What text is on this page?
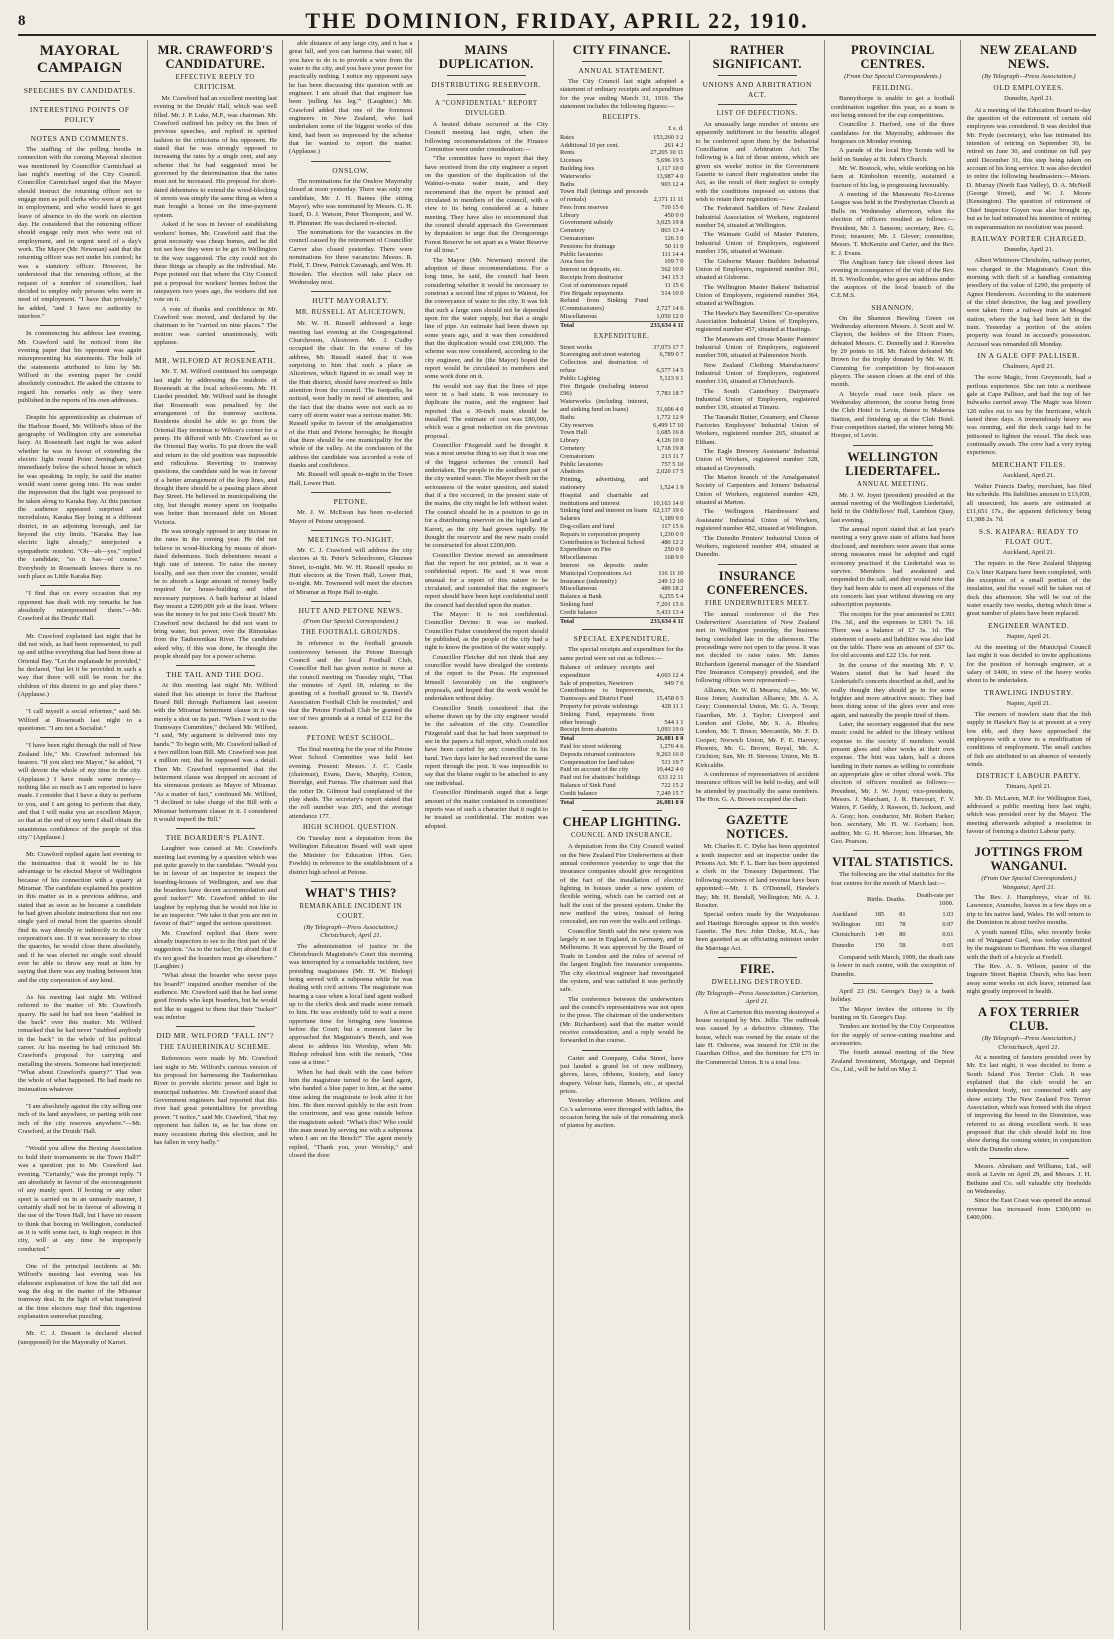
8	THE DOMINION, FRIDAY, APRIL 22, 1910.
MAYORAL CAMPAIGN
SPEECHES BY CANDIDATES.
INTERESTING POINTS OF POLICY
NOTES AND COMMENTS.

The staffing of the polling booths in connection with the coming Mayoral election was mentioned by Councillor Carmichael at last night's meeting of the City Council. Councillor Carmichael urged that the Mayor should instruct the returning officer not to engage men as poll clerks who were at present in employment, and who would have to get leave of absence to do the work on election day. He considered that the returning officer should engage only men who were out of employment, and in urgent need of a day's work. The Mayor (Mr. Newman) said that the returning officer was not under his control; he was a statutory officer. However, he understood that the returning officer, at the request of a number of councillors, had decided to employ only persons who were in need of employment. "I have that privately," he added, "and I have no authority to interfere."

In commencing his address last evening, Mr. Crawford said he noticed from the evening paper that his opponent was again misrepresenting his statements. The bulk of the statements attributed to him by Mr. Wilford in the evening paper he could absolutely contradict. He asked the citizens to regard his remarks only as they were published in the reports of his own addresses.

Despite his apprenticeship as chairman of the Harbour Board, Mr. Wilford's ideas of the geography of Wellington city are somewhat hazy. At Roseneath last night he was asked whether he was in favour of extending the electric light round Point Jerningham, just immediately below the school house in which he was speaking. In reply, he said the matter would want some going into. He was under the impression that the light was proposed to be taken along to Karaka Bay. At this juncture the audience appeared surprised and incredulous, Karaka Bay being in a different district, in an adjoining borough, and far beyond the city limits. "Karaka Bay has electric light already," interjected a sympathetic resident. "Oh—ah—yes," replied the candidate, "so it has—of course." Everybody in Roseneath knows there is no such place as Little Karaka Bay.

"I find that on every occasion that my opponent has dealt with my remarks he has absolutely misrepresented them."—Mr. Crawford at the Druids' Hall.

Mr. Crawford explained last night that he did not wish, as had been represented, to pull up and utilise everything that had been done at Oriental Bay. "Let the esplanade be provided," he declared, "but let it be provided in such a way that there will still be room for the children of this district to go and play there." (Applause.)

"I call myself a social reformer," said Mr. Wilford at Roseneath last night to a questioner. "I am not a Socialist."

"I have been right through the mill of New Zealand life," Mr. Crawford informed his hearers. "If you elect me Mayor," he added, "I will devote the whole of my time to the city. (Applause.) I have made some money—nothing like so much as I am reported to have made. I consider that I have a duty to perform to you, and I am going to perform that duty, and that I will make you an excellent Mayor, so that at the end of my term I shall obtain the unanimous confidence of the people of this city." (Applause.)

Mr. Crawford replied again last evening to the insinuation that it would be to his advantage to be elected Mayor of Wellington because of his connection with a quarry at Miramar. The candidate explained his position in this matter as in a previous address, and stated that as soon as he became a candidate he had given absolute instructions that not one single yard of metal from the quarries should find its way directly or indirectly to the city corporation's use. If it was necessary to close the quarries, he would close them absolutely, and if he was elected no single soul should ever be able to throw any mud at him by saying that there was any trading between him and the city corporation of any kind.

As his meeting last night Mr. Wilford referred to the matter of Mr. Crawford's quarry. He said he had not been "stabbed in the back" over this matter. Mr. Wilford remarked that he had never "stabbed anybody in the back" in the whole of his political career. At his meeting he had criticised Mr. Crawford's proposal for carrying and metalling the streets. Someone had interjected: "What about Crawford's quarry?" That was the whole of what happened. He had made no insinuation whatever.

"I am absolutely against the city selling one inch of its land anywhere, or parting with one inch of the city reserves anywhere."—Mr. Crawford, at the Druids' Hall.

"Would you allow the Boxing Association to hold their tournaments in the Town Hall?" was a question put to Mr. Crawford last evening. "Certainly," was the prompt reply. "I am absolutely in favour of the encouragement of any manly sport. If boxing or any other sport is carried on in an unmanly manner, I certainly shall not be in favour of allowing it the use of the Town Hall, but I have no reason to think that boxing in Wellington, conducted as it is with some tact, is high respect in this city, will at any time be improperly conducted."

One of the principal incidents at Mr. Wilford's meeting last evening was his elaborate explanation of how the tail did not wag the dog in the matter of the Miramar tramway deal. In the light of what transpired at the time electors may find this ingenious explanation somewhat puzzling.

Mr. C. J. Dossett is declared elected (unopposed) for the Mayoralty of Karori.

MR. CRAWFORD'S CANDIDATURE.
EFFECTIVE REPLY TO CRITICISM.

Mr. Crawford had an excellent meeting last evening in the Druids' Hall, which was well filled. Mr. J. P. Luke, M.P., was chairman. Mr. Crawford outlined his policy on the lines of previous speeches, and replied in spirited fashion to the criticisms of his opponent. He stated that he was strongly opposed to increasing the rates by a single cent, and any scheme that he had suggested must be governed by the determination that the rates must not be increased. His proposal for short-dated debentures to extend the wood-blocking of streets was simply the same thing as when a man bought a house on the time-payment system.

Asked if he was in favour of establishing workers' homes, Mr. Crawford said that the great necessity was cheap homes, and he did not see how they were to be got in Wellington in the way suggested. The city could not do these things as cheaply as the individual. Mr. Pope pointed out that where the City Council put a proposal for workers' homes before the ratepayers two years ago, the workers did not vote on it.

A vote of thanks and confidence in Mr. Crawford was moved, and declared by the chairman to be "carried on nine places." The motion was carried unanimously, with applause.

MR. WILFORD AT ROSENEATH.

Mr. T. M. Wilford continued his campaign last night by addressing the residents of Roseneath at the local school-room. Mr. H. Liardet presided. Mr. Wilford said he thought that Roseneath was penalised by the arrangement of the tramway sections. Residents should be able to go from the Oriental Bay terminus to Wilson's corner for a penny. He differed with Mr. Crawford as to the Oriental Bay works. To put down the wall and return to the old position was impossible and ridiculous. Reverting to tramway questions, the candidate said he was in favour of a better arrangement of the loop lines, and thought there should be a passing place about Bay Street. He believed in municipalising the city, but thought money spent on footpaths was better than increased debt on Mount Victoria.

He was strongly opposed to any increase in the rates in the coming year. He did not believe in wood-blocking by means of short-dated debentures. Such debentures meant a high rate of interest. To raise the money locally, and see then over the counter, would be to absorb a large amount of money badly required for house-building and other necessary purposes. A bath harbour at Island Bay meant a £200,000 job at the least. Where was the money to be put into Cook Strait? Mr. Crawford now declared he did not want to bring water, but power, over the Rimutakas from the Tauherenikau River. The candidate asked why, if this was done, he thought the people should pay for a power scheme.

THE TAIL AND THE DOG.

At this meeting last night Mr. Wilford stated that his attempt to force the Harbour Board Bill through Parliament last session with the Miramar betterment clause in it was merely a shot on its part. "When I went to the Tramways Committee," declared Mr. Wilford, "I said, 'My argument is delivered into my hands.'" To begin with, Mr. Crawford talked of a two million loan Bill. Mr. Crawford was just a million out; that he supposed was a detail. Then Mr. Crawford represented that the betterment clause was dropped on account of his strenuous protests as Mayor of Miramar. "As a matter of fact," continued Mr. Wilford, "I declined to take charge of the Bill with a Miramar betterment clause in it. I considered it would imperil the Bill."

THE BOARDER'S PLAINT.

Laughter was caused at Mr. Crawford's meeting last evening by a question which was put quite gravely to the candidate. "Would you be in favour of an inspector to inspect the boarding-houses of Wellington, and see that the boarders have decent accommodation and good tucker?" Mr. Crawford added to the laughter by replying that he would not like to be an inspector. "We take it that you are not in favour of that?" urged the serious questioner.

Mr. Crawford replied that there were already inspectors to see to the first part of the suggestion. "As to the tucker, I'm afraid that if it's not good the boarders must go elsewhere." (Laughter.)

"What about the boarder who never pays his board?" inquired another member of the audience. Mr. Crawford said that he had some good friends who kept boarders, but he would not like to suggest to them that their "tucker" was inferior.

DID MR. WILFORD "FALL IN"?
THE TAUHERINIKAU SCHEME.

References were made by Mr. Crawford last night to Mr. Wilford's curious version of his proposal for harnessing the Tauherinikau River to provide electric power and light to municipal industries. Mr. Crawford stated that Government engineers had reported that this river had great potentialities for providing power. "I notice," said Mr. Crawford, "that my opponent has fallen in, as he has done on many occasions during this election, and he has fallen in very badly."

able distance of any large city, and it has a great fall, and you can harness that water, till you have to do is to provide a wire from the water to the city, and you have your power for practically nothing. I notice my opponent says he has been discussing this question with an engineer. I am afraid that that engineer has been 'pulling his leg.'" (Laughter.) Mr. Crawford added that one of the foremost engineers in New Zealand, who had undertaken some of the biggest works of this kind, had been so impressed by the scheme that he wanted to report the matter. (Applause.)

ONSLOW.

The nominations for the Onslow Mayoralty closed at noon yesterday. There was only one candidate, Mr. J. H. Baines (the sitting Mayor), who was nominated by Messrs. G. H. Izard, D. J. Watson, Peter Thompson, and W. H. Phimmer. He was declared re-elected.

The nominations for the vacancies in the council caused by the retirement of Councillor Carver also closed yesterday. There were nominations for three vacancies: Messrs. R. Field, T. Drew, Patrick Cavanagh, and Wm. H. Bowden. The election will take place on Wednesday next.

HUTT MAYORALTY.
MR. RUSSELL AT ALICETOWN.

Mr. W. H. Russell addressed a large meeting last evening at the Congregational Churchroom, Alicetown. Mr. J. Cudby occupied the chair. In the course of his address, Mr. Russell stated that it was surprising to him that such a place as Alicetown, which figured in so small way in the Hutt district, should have received so little attention from the council. The footpaths, he noticed, were badly in need of attention; and the fact that the drains were not such as to carry off storm water was a serious matter. Mr. Russell spoke in favour of the amalgamation of the Hutt and Petone boroughs; he thought that there should be one municipality for the whole of the valley. At the conclusion of the address the candidate was accorded a vote of thanks and confidence.

Mr. Russell will speak to-night in the Town Hall, Lower Hutt.

PETONE.

Mr. J. W. McEwan has been re-elected Mayor of Petone unopposed.

MEETINGS TO-NIGHT.

Mr. C. J. Crawford will address the city electors at St. Peter's Schoolroom, Ghuznee Street, to-night. Mr. W. H. Russell speaks to Hutt electors at the Town Hall, Lower Hutt, to-night. Mr. Townsend will meet the electors of Miramar at Hope Hall to-night.

HUTT AND PETONE NEWS.
(From Our Special Correspondent.)
THE FOOTBALL GROUNDS.

In reference to the football grounds controversy between the Petone Borough Council and the local Football Club, Councillor Bell has given notice to move at the council meeting on Tuesday night, "That the minutes of April 18, relating to the granting of a football ground to St. David's Association Football Club be rescinded," and that the Petone Football Club be granted the use of two grounds at a rental of £12 for the season.

PETONE WEST SCHOOL.

The final meeting for the year of the Petone West School Committee was held last evening. Present: Messrs. J. C. Castle (chairman), Evans, Davis, Murphy, Cotton, Burridge, and Furnas. The chairman said that the rotter Dr. Gilmour had complained of the play sheds. The secretary's report stated that the roll number was 205, and the average attendance 177.

HIGH SCHOOL QUESTION.

On Tuesday next a deputation from the Wellington Education Board will wait upon the Minister for Education (Hon. Geo. Fowlds) in reference to the establishment of a district high school at Petone.

WHAT'S THIS?
REMARKABLE INCIDENT IN COURT.
(By Telegraph—Press Association.) Christchurch, April 21.

The administration of justice in the Christchurch Magistrate's Court this morning was interrupted by a remarkable incident, two presiding magistrates (Mr. H. W. Bishop) being served with a subpoena while he was dealing with civil actions. The magistrate was hearing a case when a local land agent walked up to the clerk's desk and made some remark to him. He was evidently told to wait a more opportune time for bringing new business before the Court; but a moment later he approached the Magistrate's Bench, and was about to address his Worship, when Mr. Bishop rebuked him with the remark, "One case at a time."

When he had dealt with the case before him the magistrate turned to the land agent, who handed a blue paper to him, at the same time asking the magistrate to look after it for him. He then moved quickly to the exit from the courtroom, and was gone outside before the magistrate asked: "What's this? Who could this man mean by serving me with a subpoena when I am on the Bench?" The agent merely replied, "Thank you, your Worship," and closed the door.

MAINS DUPLICATION.
DISTRIBUTING RESERVOIR.
A "CONFIDENTIAL" REPORT DIVULGED.

A heated debate occurred at the City Council meeting last night, when the following recommendations of the Finance Committee were under consideration:—

"The committee have to report that they have received from the city engineer a report on the question of the duplication of the Wainui-o-mata water main, and they recommend that the report be printed and circulated to members of the council, with a view to its being considered at a future meeting. They have also to recommend that the council should approach the Government by deputation to urge that the Orongorongo Forest Reserve be set apart as a Water Reserve for all time."

The Mayor (Mr. Newman) moved the adoption of these recommendations. For a long time, he said, the council had been considering whether it would be necessary to construct a second line of pipes to Wainui, for the conveyance of water to the city. It was felt that such a large sum should not be depended upon for the water supply, but that a single line of pipe. An estimate had been drawn up some years ago, and it was then considered that the duplication would cost £90,000. The scheme was now considered, according to the city engineer, and he (the Mayor) hoped the report would be circulated to members and some work done on it.

He would not say that the lines of pipe were in a bad state. It was necessary to duplicate the mains, and the engineer had reported that a 30-inch main should be installed. The estimate of cost was £80,000, which was a great reduction on the previous proposal.

Councillor Fitzgerald said he thought it was a most unwise thing to say that it was one of the biggest schemes the council had undertaken. The people in the southern part of the city wanted water. The Mayor dwelt on the seriousness of the water question, and stated that if a fire occurred, in the present state of the mains, the city might be left without water. The council should be in a position to go in for a distributing reservoir on the high land at Karori, as the city had grown rapidly. He thought the reservoir and the new main could be constructed for about £200,000.

Councillor Devine moved an amendment that the report be not printed, as it was a confidential report. He said it was most unusual for a report of this nature to be circulated, and contended that the engineer's report should have been kept confidential until the council had decided upon the matter.

The Mayor: It is not confidential. Councillor Devine: It was so marked. Councillor Fisher considered the report should be published, as the people of the city had a right to know the position of the water supply.

Councillor Fletcher did not think that any councillor would have divulged the contents of the report to the Press. He expressed himself favourably on the engineer's proposals, and hoped that the work would be undertaken without delay.

Councillor Smith considered that the scheme drawn up by the city engineer would be the salvation of the city. Councillor Fitzgerald said that he had been surprised to see in the papers a full report, which could not have been carried by any councillor in his hand. Two days later he had received the same report through the post. It was impossible to say that the blame ought to be attached to any one individual.

Councillor Hindmarsh urged that a large amount of the matter contained in committees' reports was of such a character that it ought to be treated as confidential. The motion was adopted.

CITY FINANCE.
ANNUAL STATEMENT.

The City Council last night adopted a statement of ordinary receipts and expenditure for the year ending March 31, 1910. The statement includes the following figures:—

RECEIPTS.
£ s. d.
Rates	153,260 3 2
Additional 10 per cent.	261 4 2
Rents	27,205 10 11
Licenses	5,696 19 5
Building fees	1,117 10 0
Waterworks	13,987 4 0
Baths	903 12 4
Town Hall (lettings and proceeds of rentals)	2,371 11 11
Fees from reserves	710 15 6
Library	450 0 0
Government subsidy	3,025 19 8
Cemetery	863 13 4
Crematorium	126 3 0
Pensions for drainage	50 11 0
Public lavatories	111 14 4
Area fees for	109 7 0
Interest on deposits, etc.	562 10 0
Receipts from destructor	341 15 3
Cost of summonses repaid	11 15 6
Fire Brigade repayments	514 10 0
Refund from Sinking Fund (Commissioners)	2,727 14 6
Miscellaneous	1,050 12 0
Total	233,634 4 11
EXPENDITURE.
Street works	37,073 17 7
Scavenging and street watering	6,789 0 7
Collection and destruction of refuse	6,577 14 5
Public Lighting	5,123 9 1
Fire Brigade (including interest £96)	7,783 18 7
Waterworks (including interest, and sinking fund on loans)	31,606 4 0
Baths	1,772 12 9
City reserves	6,499 17 10
Town Hall	1,685 16 8
Library	4,126 10 0
Cemetery	1,718 19 8
Crematorium	213 11 7
Public lavatories	757 5 10
Abattoirs	2,020 17 5
Printing, advertising, and stationery	1,524 1 9
Hospital and charitable aid institutions and interest	10,163 14 0
Sinking fund and interest on loans	62,137 19 6
Salaries	1,189 9 0
Dog-collars and fund	117 15 6
Repairs to corporation property	1,230 0 0
Contribution to Technical School	480 12 2
Expenditure on Fire	250 0 0
Miscellaneous	168 9 0
Interest on deposits under Municipal Corporations Act	116 11 10
Insurance (indemnity)	249 12 10
Miscellaneous	489 18 2
Balance at Bank	6,255 5 4
Sinking fund	7,201 15 6
Credit balance	5,433 13 4
Total	233,634 4 11
SPECIAL EXPENDITURE.

The special receipts and expenditure for the same period were set out as follows:—

Balance of ordinary receipts and expenditure	4,603 12 4
Sale of properties, Newtown	949 7 6
Contributions to Improvements, Tramways and District Fund	15,458 0 5
Property for private widenings	428 11 1
Sinking Fund, repayments from other borough	544 1 1
Receipt from abattoirs	1,093 19 0
Total	26,081 8 0
Paid for street widening	1,276 4 6
Deposits returned contractors	9,263 16 0
Compensation for land taken	511 19 7
Paid on account of the city	10,442 4 0
Paid out for abattoirs' buildings	633 12 11
Balance of Sink Fund	722 15 2
Credit balance	7,249 15 7
Total	26,081 8 0
CHEAP LIGHTING.
COUNCIL AND INSURANCE.

A deputation from the City Council waited on the New Zealand Fire Underwriters at their annual conference yesterday to urge that the insurance companies should give recognition of the fact of the installation of electric lighting in houses under a new system of flexible wiring, which can be carried out at half the cost of the present system. Under the new method the wires, instead of being concealed, are run over the walls and ceilings.

Councillor Smith said the new system was largely in use in England, in Germany, and in Melbourne. It was approved by the Board of Trade in London and the rules of several of the largest English fire insurance companies. The city electrical engineer had investigated the system, and was satisfied it was perfectly safe.

The conference between the underwriters and the council's representatives was not open to the press. The chairman of the underwriters (Mr. Richardson) said that the matter would receive consideration, and a reply would be forwarded in due course.

Carter and Company, Cuba Street, have just landed a grand lot of new millinery, gloves, laces, ribbons, hosiery, and fancy drapery. Velour hats, flannels, etc., at special prices.

Yesterday afternoon Messrs. Wilkins and Co.'s salerooms were thronged with ladies, the occasion being the sale of the remaining stock of pianos by auction.

RATHER SIGNIFICANT.
UNIONS AND ARBITRATION ACT.
LIST OF DEFECTIONS.

An unusually large number of unions are apparently indifferent to the benefits alleged to be conferred upon them by the Industrial Conciliation and Arbitration Act. The following is a list of those unions, which are given six weeks' notice in the Government Gazette to cancel their registration under the Act, as the result of their neglect to comply with the conditions imposed on unions that wish to retain their registration:—

The Federated Saddlers of New Zealand Industrial Association of Workers, registered number 54, situated at Wellington.

The Waimate Guild of Master Painters, Industrial Union of Employers, registered number 156, situated at Waimate.

The Gisborne Master Builders Industrial Union of Employers, registered number 361, situated at Gisborne.

The Wellington Master Bakers' Industrial Union of Employers, registered number 364, situated at Wellington.

The Hawke's Bay Sawmillers' Co-operative Association Industrial Union of Employers, registered number 457, situated at Hastings.

The Manawatu and Oroua Master Painters' Industrial Union of Employers, registered number 599, situated at Palmerston North.

New Zealand Clothing Manufacturers' Industrial Union of Employers, registered number 116, situated at Christchurch.

The South Canterbury Dairyman's Industrial Union of Employers, registered number 136, situated at Timaru.

The Taranaki Butter, Creamery, and Cheese Factories Employees' Industrial Union of Workers, registered number 265, situated at Eltham.

The Eagle Brewery Assistants' Industrial Union of Workers, registered number 328, situated at Greymouth.

The Marton branch of the Amalgamated Society of Carpenters and Joiners' Industrial Union of Workers, registered number 429, situated at Marton.

The Wellington Hairdressers' and Assistants' Industrial Union of Workers, registered number 482, situated at Wellington.

The Dunedin Printers' Industrial Union of Workers, registered number 494, situated at Dunedin.

INSURANCE CONFERENCES.
FIRE UNDERWRITERS MEET.

The annual conference of the Fire Underwriters' Association of New Zealand met in Wellington yesterday, the business being concluded late in the afternoon. The proceedings were not open to the press. It was not decided to raise rates. Mr. James Richardson (general manager of the Standard Fire Insurance Company) presided, and the following offices were represented:—

Alliance, Mr. W. D. Meares; Atlas, Mr. W. Ross Jones; Australian Alliance, Mr. A. A. Gray; Commercial Union, Mr. G. A. Troup; Guardian, Mr. J. Taylor; Liverpool and London and Globe, Mr. S. A. Rhodes; London, Mr. T. Bruce; Mercantile, Mr. F. D. Cooper; Norwich Union, Mr. F. E. Harvey; Phoenix, Mr. G. Brown; Royal, Mr. A. Crichton; Sun, Mr. H. Stevens; Union, Mr. B. Kirkcaldie.

A conference of representatives of accident insurance offices will be held to-day, and will be attended by practically the same members. The Hon. G. A. Brown occupied the chair.

GAZETTE NOTICES.

Mr. Charles E. C. Dyke has been appointed a tenth inspector and an inspector under the Prisons Act. Mr. F. L. Barr has been appointed a clerk in the Treasury Department. The following receivers of land revenue have been appointed:—Mr. J. B. O'Donnell, Hawke's Bay; Mr. H. Bendall, Wellington; Mr. A. J. Rossiter.

Special orders made by the Waipukurau and Hastings Boroughs appear in this week's Gazette. The Rev. John Dickie, M.A., has been gazetted as an officiating minister under the Marriage Act.

FIRE.
DWELLING DESTROYED.
(By Telegraph—Press Association.) Carterton, April 21.

A fire at Carterton this morning destroyed a house occupied by Mrs. Jellie. The outbreak was caused by a defective chimney. The house, which was owned by the estate of the late H. Osborne, was insured for £50 in the Guardian Office, and the furniture for £75 in the Commercial Union. It is a total loss.

PROVINCIAL CENTRES.
(From Our Special Correspondents.)
FEILDING.

Bunnythorpe is unable to get a football combination together this year, so a team is not being entered for the cup competitions.

Councillor J. Harford, one of the three candidates for the Mayoralty, addresses the burgesses on Monday evening.

A parade of the local Boy Scouts will be held on Sunday at St. John's Church.

Mr. W. Bostock, who, while working on his farm at Kimbolton recently, sustained a fracture of his leg, is progressing favourably.

A meeting of the Manawatu No-License League was held in the Presbyterian Church at Bulls on Wednesday afternoon, when the election of officers resulted as follows:—President, Mr. J. Sansom; secretary, Rev. G. Frost; treasurer, Mr. J. Glover; committee, Messrs. T. McKenzie and Carter, and the Rev. E. J. Evans.

The Anglican fancy fair closed down last evening in consequence of the visit of the Rev. H. S. Woollcombe, who gave an address under the auspices of the local branch of the C.E.M.S.

SHANNON.

On the Shannon Bowling Green on Wednesday afternoon Messrs. J. Scott and W. Clayton, the holders of the Dixon Fours, defeated Messrs. C. Donnelly and J. Knowles by 29 points to 18. Mr. Falcon defeated Mr. Brown for the trophy donated by Mr. W. H. Cumming for competition by first-season players. The season closes at the end of this month.

A bicycle road race took place on Wednesday afternoon, the course being from the Club Hotel to Levin, thence to Makerua Station, and finishing up at the Club Hotel. Four competitors started, the winner being Mr. Hooper, of Levin.

WELLINGTON LIEDERTAFEL.
ANNUAL MEETING.

Mr. J. W. Joynt (president) presided at the annual meeting of the Wellington Liedertafel, held in the Oddfellows' Hall, Lambton Quay, last evening.

The annual report stated that at last year's meeting a very grave state of affairs had been disclosed, and members were aware that some strong measures must be adopted and rigid economy practised if the Liedertafel was to survive. Members had awakened and responded to the call, and they would note that they had been able to meet all expenses of the six concerts last year without drawing on any subscription payments.

The receipts for the year amounted to £393 19s. 3d., and the expenses to £301 7s. 1d. There was a balance of £7 3s. 1d. The statement of assets and liabilities was also laid on the table. There was an amount of £97 6s. for old accounts and £22 13s. for rent.

In the course of the meeting Mr. F. V. Waters stated that he had heard the Liedertafel's concerts described as dull, and he really thought they should go in for some brighter and more attractive music. They had been doing some of the glees over and over again, and naturally the people tired of them.

Later, the secretary suggested that the new music could be added to the library without expense to the society if members would present glees and other works at their own expense. The hint was taken, half a dozen handing in their names as willing to contribute an appropriate glee or other choral work. The election of officers resulted as follows:—President, Mr. J. W. Joynt; vice-presidents, Messrs. J. Marchant, J. R. Harcourt, F. V. Waters, F. Geddy, J. Rawson, D. Jackson, and A. Gray; hon. conductor, Mr. Robert Parker; hon. secretary, Mr. H. W. Gorham; hon. auditor, Mr. G. H. Mercer; hon. librarian, Mr. Geo. Pearson.

VITAL STATISTICS.

The following are the vital statistics for the four centres for the month of March last:—

	Births.	Deaths.	Death-rate per 1000.
Auckland	185	81	1.03
Wellington	183	78	0.97
Christchurch	149	80	0.61
Dunedin	150	58	0.65

Compared with March, 1909, the death rate is lower in each centre, with the exception of Dunedin.

April 23 (St. George's Day) is a bank holiday.

The Mayor invites the citizens to fly bunting on St. George's Day.

Tenders are invited by the City Corporation for the supply of screw-cutting machine and accessories.

The fourth annual meeting of the New Zealand Investment, Mortgage, and Deposit Co., Ltd., will be held on May 2.

NEW ZEALAND NEWS.
(By Telegraph—Press Association.)
OLD EMPLOYEES.
Dunedin, April 21.

At a meeting of the Education Board to-day the question of the retirement of certain old employees was considered. It was decided that Mr. Fryde (secretary), who has intimated his intention of retiring on September 30, be retired on June 30, and continue on full pay until December 31, this step being taken on account of his long service. It was also decided to retire the following headmasters:—Messrs. D. Murray (North East Valley), D. A. McNeill (George Street), and W. J. Moore (Kensington). The question of retirement of Chief Inspector Goyen was also brought up, but as he had intimated his intention of retiring on superannuation no resolution was passed.

RAILWAY PORTER CHARGED.
Dunedin, April 21.

Albert Whitmore Chrisholm, railway porter, was charged in the Magistrate's Court this morning with theft of a handbag containing jewellery of the value of £290, the property of Agnes Henderson. According to the statement of the chief detective, the bag and jewellery were taken from a railway train at Mosgiel station, where the bag had been left in the train. Yesterday a portion of the stolen property was found in accused's possession. Accused was remanded till Monday.

IN A GALE OFF PALLISER.
Chalmers, April 21.

The scow Magic, from Greymouth, had a perilous experience. She ran into a northeast gale at Cape Palliser, and had the top of her bulwarks carried away. The Magic was blown 120 miles out to sea by the hurricane, which lasted three days. A tremendously heavy sea was running, and the deck cargo had to be jettisoned to lighten the vessel. The deck was continually awash. The crew had a very trying experience.

MERCHANT FILES.
Auckland, April 21.

Walter Francis Darby, merchant, has filed his schedule. His liabilities amount to £13,039, all unsecured, his assets are estimated at £11,651 17s., the apparent deficiency being £1,388 2s. 7d.

S.S. KAIPARA: READY TO FLOAT OUT.
Auckland, April 21.

The repairs to the New Zealand Shipping Co.'s liner Kaipara have been completed, with the exception of a small portion of the insulation, and the vessel will be taken out of dock this afternoon. She will be out of the water exactly two weeks, during which time a great number of plates have been replaced.

ENGINEER WANTED.
Napier, April 21.

At the meeting of the Municipal Council last night it was decided to invite applications for the position of borough engineer, at a salary of £400, in view of the heavy works about to be undertaken.

TRAWLING INDUSTRY.
Napier, April 21.

The owners of trawlers state that the fish supply in Hawke's Bay is at present at a very low ebb, and they have approached the employees with a view to a modification of conditions of employment. The small catches of fish are attributed to an absence of westerly winds.

DISTRICT LABOUR PARTY.
Timaru, April 21.

Mr. D. McLaren, M.P. for Wellington East, addressed a public meeting here last night, which was presided over by the Mayor. The meeting afterwards adopted a resolution in favour of forming a district Labour party.

JOTTINGS FROM WANGANUI.
(From Our Special Correspondent.) Wanganui, April 21.

The Rev. J. Humphreys, vicar of St. Lawrence, Aramoho, leaves in a few days on a trip to his native land, Wales. He will return to the Dominion in about twelve months.

A youth named Ellis, who recently broke out of Wanganui Gaol, was today committed by the magistrate to Burnham. He was charged with the theft of a bicycle at Fordell.

The Rev. A. S. Wilson, pastor of the Ingestre Street Baptist Church, who has been away some weeks on sick leave, returned last night greatly improved in health.

A FOX TERRIER CLUB.
(By Telegraph—Press Association.) Christchurch, April 21.

At a meeting of fanciers presided over by Mr. Ex last night, it was decided to form a South Island Fox Terrier Club. It was explained that the club would be an independent body, not connected with any show society. The New Zealand Fox Terrier Association, which was formed with the object of improving the breed in the Dominion, was referred to as doing excellent work. It was proposed that the club should hold its first show during the coming winter, in conjunction with the Dunedin show.

Messrs. Abraham and Williams, Ltd., sell stock at Levin on April 29, and Messrs. J. H. Bethune and Co. sell valuable city freeholds on Wednesday.

Since the East Coast was opened the annual revenue has increased from £300,000 to £400,000.
